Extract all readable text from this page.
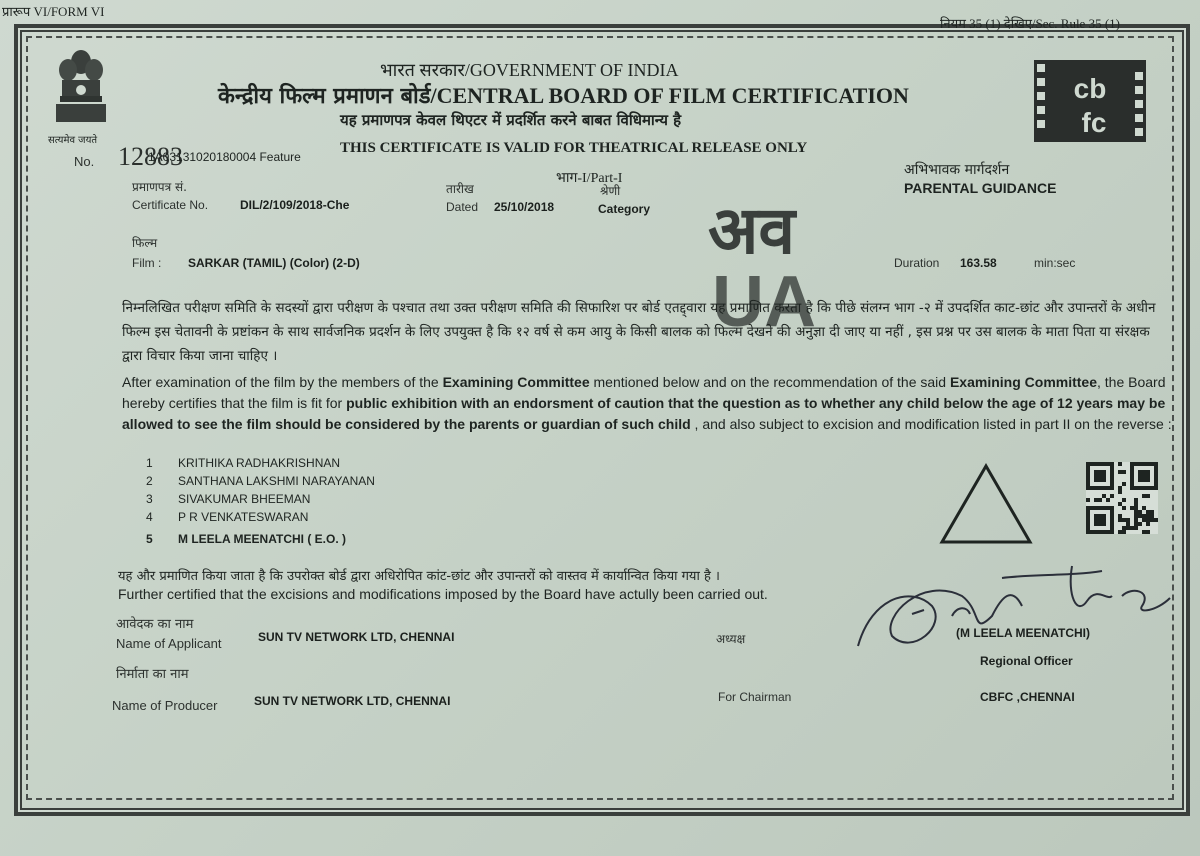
प्रारूप VI/FORM VI
नियम 35 (1) देखिए/Sec. Rule 35 (1)
सत्यमेव जयते
cb
fc
भारत सरकार/GOVERNMENT OF INDIA
केन्द्रीय फिल्म प्रमाणन बोर्ड/CENTRAL BOARD OF FILM CERTIFICATION
यह प्रमाणपत्र केवल थिएटर में प्रदर्शित करने बाबत विधिमान्य है
THIS CERTIFICATE IS VALID FOR THEATRICAL RELEASE ONLY
No. 12883
1A03131020180004 Feature
भाग-I/Part-I
प्रमाणपत्र सं.
Certificate No.	DIL/2/109/2018-Che
तारीख
Dated 25/10/2018
श्रेणी
Category
अभिभावक मार्गदर्शन
PARENTAL GUIDANCE
अव
UA
फिल्म
Film : SARKAR (TAMIL) (Color) (2-D)	Duration 163.58	min:sec
निम्नलिखित परीक्षण समिति के सदस्यों द्वारा परीक्षण के पश्चात तथा उक्त परीक्षण समिति की सिफारिश पर बोर्ड एतद्द्वारा यह प्रमाणित करता है कि पीछे संलग्न भाग -२ में उपदर्शित काट-छांट और उपान्तरों के अधीन फिल्म इस चेतावनी के प्रष्टांकन के साथ सार्वजनिक प्रदर्शन के लिए उपयुक्त है कि १२ वर्ष से कम आयु के किसी बालक को फिल्म देखने की अनुज्ञा दी जाए या नहीं , इस प्रश्न पर उस बालक के माता पिता या संरक्षक द्वारा विचार किया जाना चाहिए ।
After examination of the film by the members of the Examining Committee mentioned below and on the recommendation of the said Examining Committee, the Board hereby certifies that the film is fit for public exhibition with an endorsment of caution that the question as to whether any child below the age of 12 years may be allowed to see the film should be considered by the parents or guardian of such child , and also subject to excision and modification listed in part II on the reverse :
1 KRITHIKA RADHAKRISHNAN
2 SANTHANA LAKSHMI NARAYANAN
3 SIVAKUMAR BHEEMAN
4 P R VENKATESWARAN
5 M LEELA MEENATCHI ( E.O. )
यह और प्रमाणित किया जाता है कि उपरोक्त बोर्ड द्वारा अधिरोपित कांट-छांट और उपान्तरों को वास्तव में कार्यान्वित किया गया है ।
Further certified that the excisions and modifications imposed by the Board have actully been carried out.
आवेदक का नाम
Name of Applicant	SUN TV NETWORK LTD, CHENNAI	अध्यक्ष
For Chairman
निर्माता का नाम
Name of Producer	SUN TV NETWORK LTD, CHENNAI
(M LEELA MEENATCHI)
Regional Officer
CBFC ,CHENNAI
